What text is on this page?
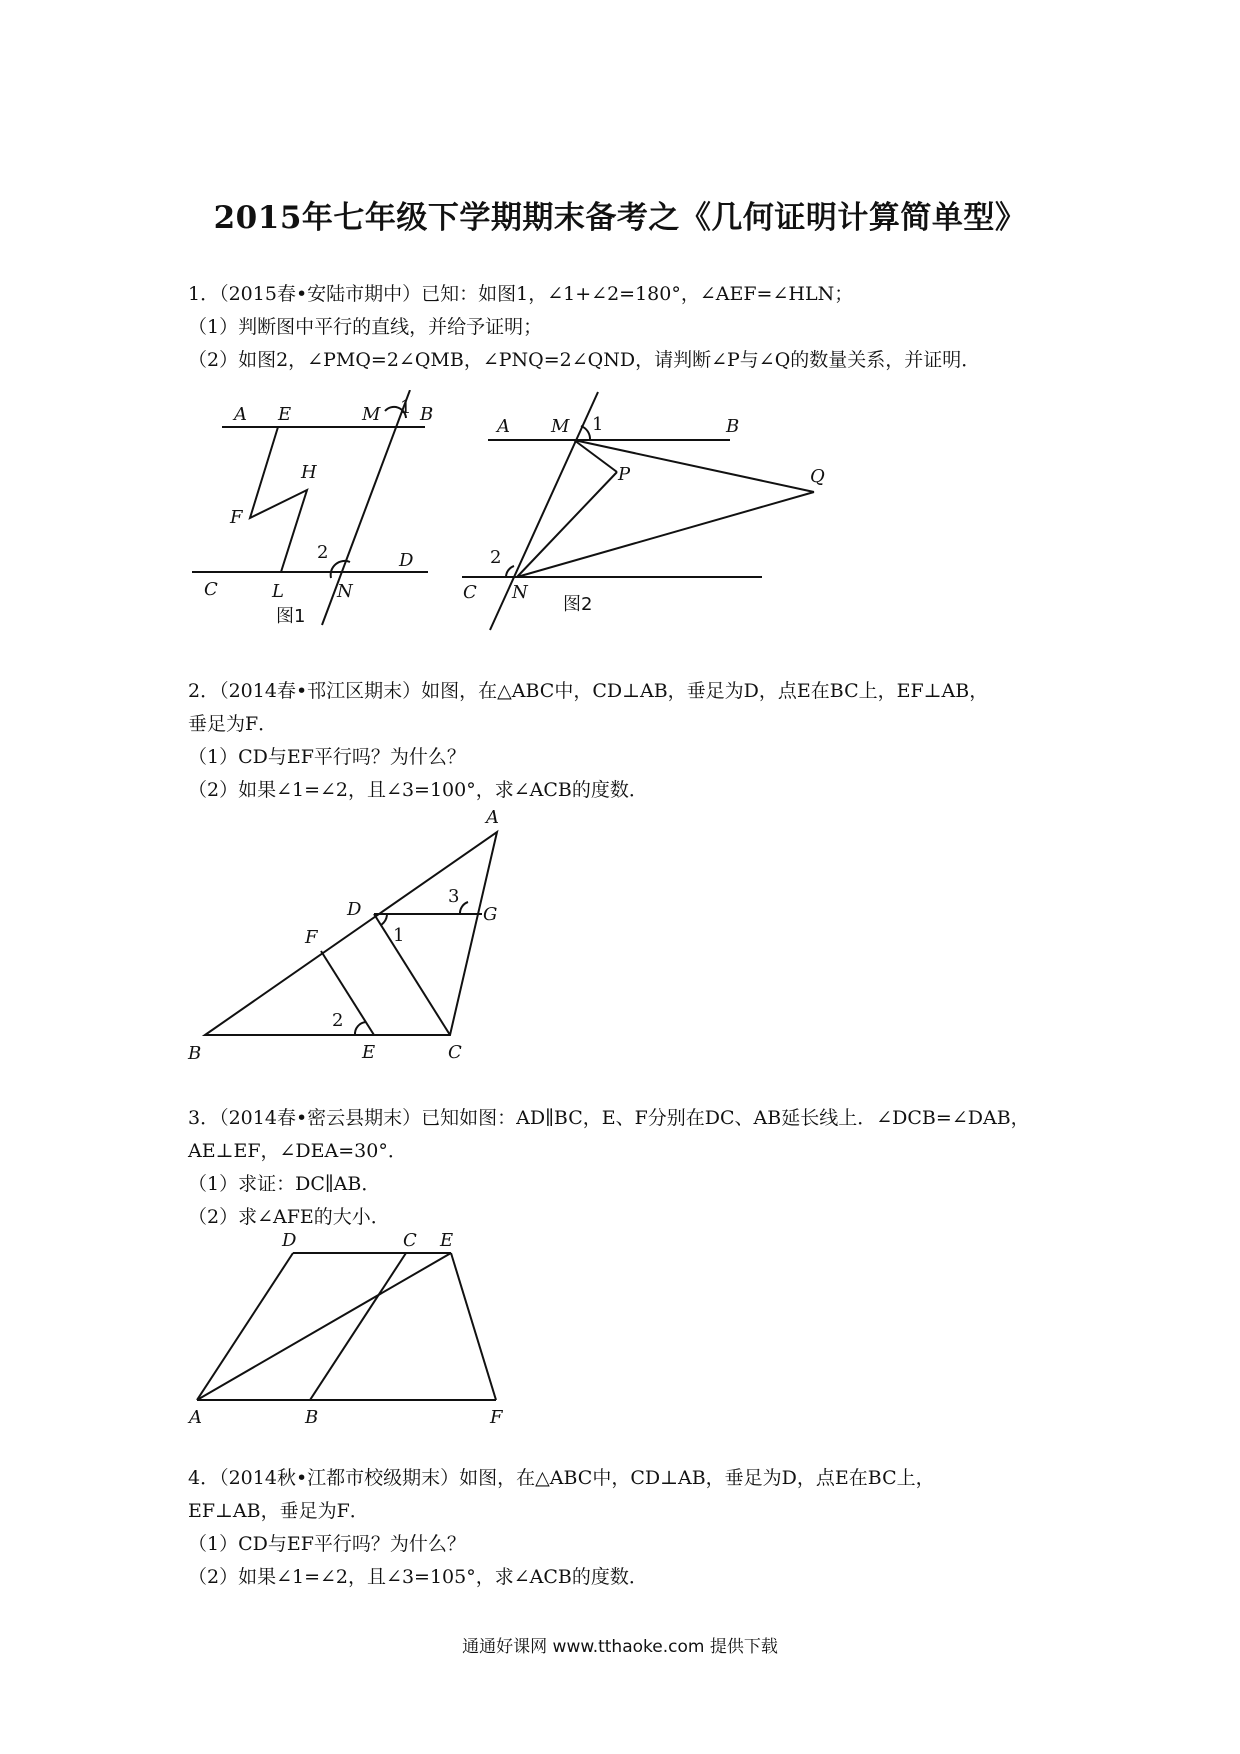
2015年七年级下学期期末备考之《几何证明计算简单型》
1．（2015春•安陆市期中）已知：如图1，∠1+∠2=180°，∠AEF=∠HLN；
（1）判断图中平行的直线，并给予证明；
（2）如图2，∠PMQ=2∠QMB，∠PNQ=2∠QND，请判断∠P与∠Q的数量关系，并证明．
A E	M 1 B
H
F
2	D
C	L	N
图1
A M 1	B
P	Q
2
C N
图2
2．（2014春•邗江区期末）如图，在△ABC中，CD⊥AB，垂足为D，点E在BC上，EF⊥AB，
垂足为F．
（1）CD与EF平行吗？为什么？
（2）如果∠1=∠2，且∠3=100°，求∠ACB的度数．
A
D
3
G
1
F
2
B	E	C
3．（2014春•密云县期末）已知如图：AD∥BC，E、F分别在DC、AB延长线上．∠DCB=∠DAB，
AE⊥EF，∠DEA=30°．
（1）求证：DC∥AB．
（2）求∠AFE的大小．
D	C E
A	B	F
4．（2014秋•江都市校级期末）如图，在△ABC中，CD⊥AB，垂足为D，点E在BC上，
EF⊥AB，垂足为F．
（1）CD与EF平行吗？为什么？
（2）如果∠1=∠2，且∠3=105°，求∠ACB的度数．
通通好课网 www.tthaoke.com 提供下载
